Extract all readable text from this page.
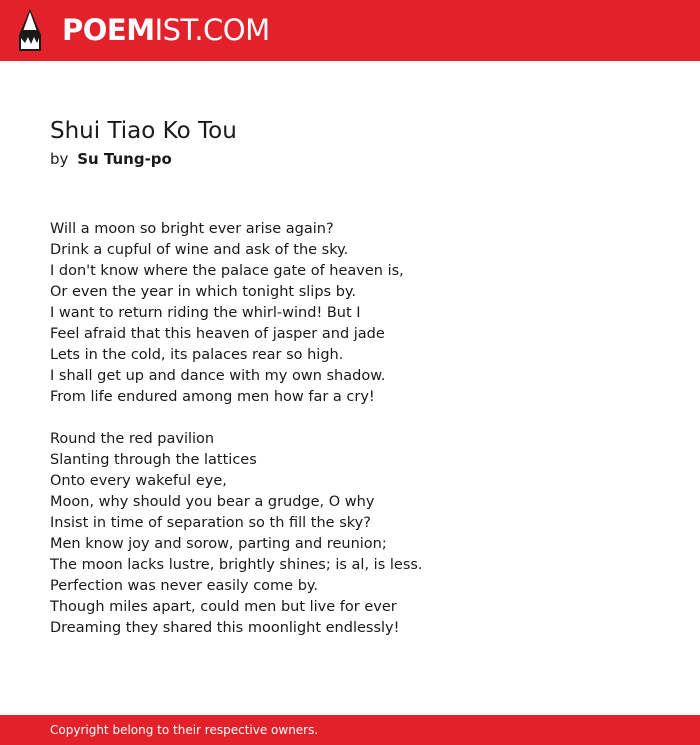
POEMIST.COM
Shui Tiao Ko Tou
by Su Tung-po
Will a moon so bright ever arise again?
Drink a cupful of wine and ask of the sky.
I don't know where the palace gate of heaven is,
Or even the year in which tonight slips by.
I want to return riding the whirl-wind! But I
Feel afraid that this heaven of jasper and jade
Lets in the cold, its palaces rear so high.
I shall get up and dance with my own shadow.
From life endured among men how far a cry!
Round the red pavilion
Slanting through the lattices
Onto every wakeful eye,
Moon, why should you bear a grudge, O why
Insist in time of separation so th fill the sky?
Men know joy and sorow, parting and reunion;
The moon lacks lustre, brightly shines; is al, is less.
Perfection was never easily come by.
Though miles apart, could men but live for ever
Dreaming they shared this moonlight endlessly!
Copyright belong to their respective owners.
